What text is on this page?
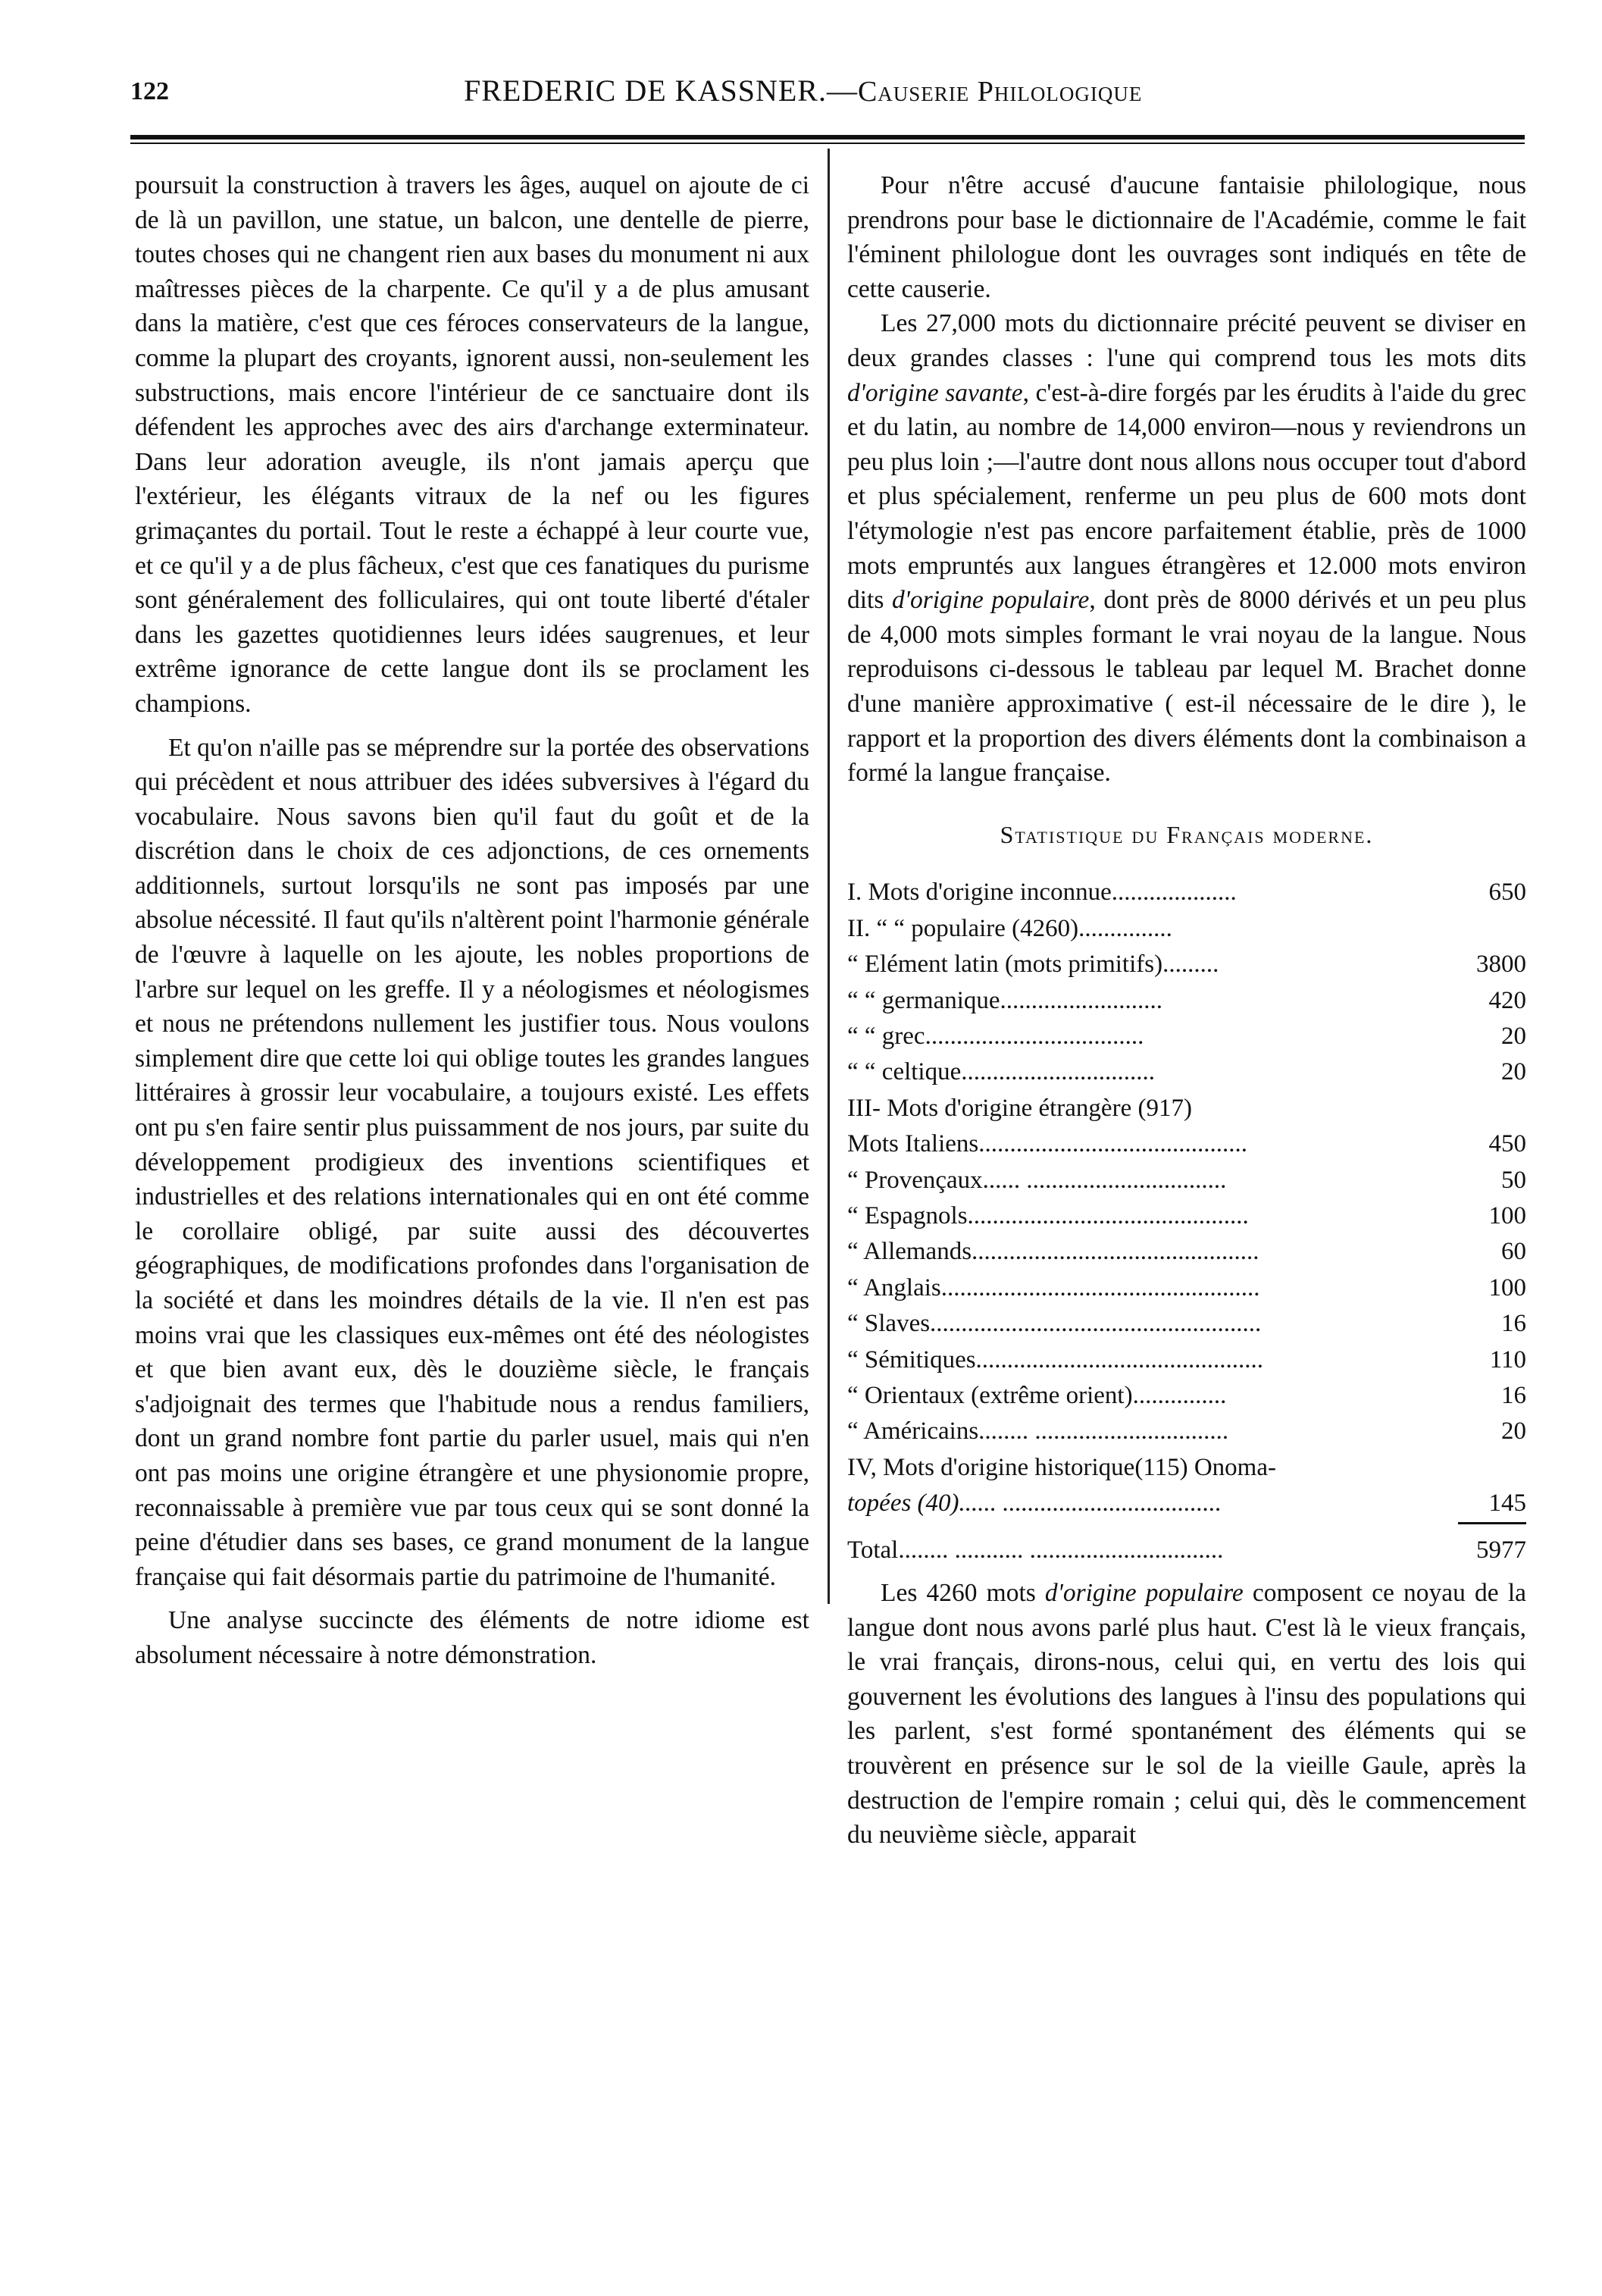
122	FREDERIC DE KASSNER.—Causerie Philologique

poursuit la construction à travers les âges, auquel on ajoute de ci de là un pavillon, une statue, un balcon, une dentelle de pierre, toutes choses qui ne changent rien aux bases du monument ni aux maîtresses pièces de la charpente. Ce qu'il y a de plus amusant dans la matière, c'est que ces féroces conservateurs de la langue, comme la plupart des croyants, ignorent aussi, non-seulement les substructions, mais encore l'intérieur de ce sanctuaire dont ils défendent les approches avec des airs d'archange exterminateur. Dans leur adoration aveugle, ils n'ont jamais aperçu que l'extérieur, les élégants vitraux de la nef ou les figures grimaçantes du portail. Tout le reste a échappé à leur courte vue, et ce qu'il y a de plus fâcheux, c'est que ces fanatiques du purisme sont généralement des folliculaires, qui ont toute liberté d'étaler dans les gazettes quotidiennes leurs idées saugrenues, et leur extrême ignorance de cette langue dont ils se proclament les champions.

Et qu'on n'aille pas se méprendre sur la portée des observations qui précèdent et nous attribuer des idées subversives à l'égard du vocabulaire. Nous savons bien qu'il faut du goût et de la discrétion dans le choix de ces adjonctions, de ces ornements additionnels, surtout lorsqu'ils ne sont pas imposés par une absolue nécessité. Il faut qu'ils n'altèrent point l'harmonie générale de l'œuvre à laquelle on les ajoute, les nobles proportions de l'arbre sur lequel on les greffe. Il y a néologismes et néologismes et nous ne prétendons nullement les justifier tous. Nous voulons simplement dire que cette loi qui oblige toutes les grandes langues littéraires à grossir leur vocabulaire, a toujours existé. Les effets ont pu s'en faire sentir plus puissamment de nos jours, par suite du développement prodigieux des inventions scientifiques et industrielles et des relations internationales qui en ont été comme le corollaire obligé, par suite aussi des découvertes géographiques, de modifications profondes dans l'organisation de la société et dans les moindres détails de la vie. Il n'en est pas moins vrai que les classiques eux-mêmes ont été des néologistes et que bien avant eux, dès le douzième siècle, le français s'adjoignait des termes que l'habitude nous a rendus familiers, dont un grand nombre font partie du parler usuel, mais qui n'en ont pas moins une origine étrangère et une physionomie propre, reconnaissable à première vue par tous ceux qui se sont donné la peine d'étudier dans ses bases, ce grand monument de la langue française qui fait désormais partie du patrimoine de l'humanité.

Une analyse succincte des éléments de notre idiome est absolument nécessaire à notre démonstration.

Pour n'être accusé d'aucune fantaisie philologique, nous prendrons pour base le dictionnaire de l'Académie, comme le fait l'éminent philologue dont les ouvrages sont indiqués en tête de cette causerie.

Les 27,000 mots du dictionnaire précité peuvent se diviser en deux grandes classes : l'une qui comprend tous les mots dits d'origine savante, c'est-à-dire forgés par les érudits à l'aide du grec et du latin, au nombre de 14,000 environ—nous y reviendrons un peu plus loin ;—l'autre dont nous allons nous occuper tout d'abord et plus spécialement, renferme un peu plus de 600 mots dont l'étymologie n'est pas encore parfaitement établie, près de 1000 mots empruntés aux langues étrangères et 12.000 mots environ dits d'origine populaire, dont près de 8000 dérivés et un peu plus de 4,000 mots simples formant le vrai noyau de la langue. Nous reproduisons ci-dessous le tableau par lequel M. Brachet donne d'une manière approximative ( est-il nécessaire de le dire ), le rapport et la proportion des divers éléments dont la combinaison a formé la langue française.

Statistique du Français moderne.
I. Mots d'origine inconnue....................	650
II. “ “ populaire (4260)...............	
“ Elément latin (mots primitifs).........	3800
“ “ germanique..........................	420
“ “ grec...................................	20
“ “ celtique...............................	20
III- Mots d'origine étrangère (917)	
Mots Italiens...........................................	450
“ Provençaux...... ................................	50
“ Espagnols.............................................	100
“ Allemands..............................................	60
“ Anglais...................................................	100
“ Slaves.....................................................	16
“ Sémitiques..............................................	110
“ Orientaux (extrême orient)...............	16
“ Américains........ ...............................	20
IV, Mots d'origine historique(115) Onoma-	
topées (40)...... ...................................	145

Total........ ........... ...............................	5977

Les 4260 mots d'origine populaire composent ce noyau de la langue dont nous avons parlé plus haut. C'est là le vieux français, le vrai français, dirons-nous, celui qui, en vertu des lois qui gouvernent les évolutions des langues à l'insu des populations qui les parlent, s'est formé spontanément des éléments qui se trouvèrent en présence sur le sol de la vieille Gaule, après la destruction de l'empire romain ; celui qui, dès le commencement du neuvième siècle, apparait
